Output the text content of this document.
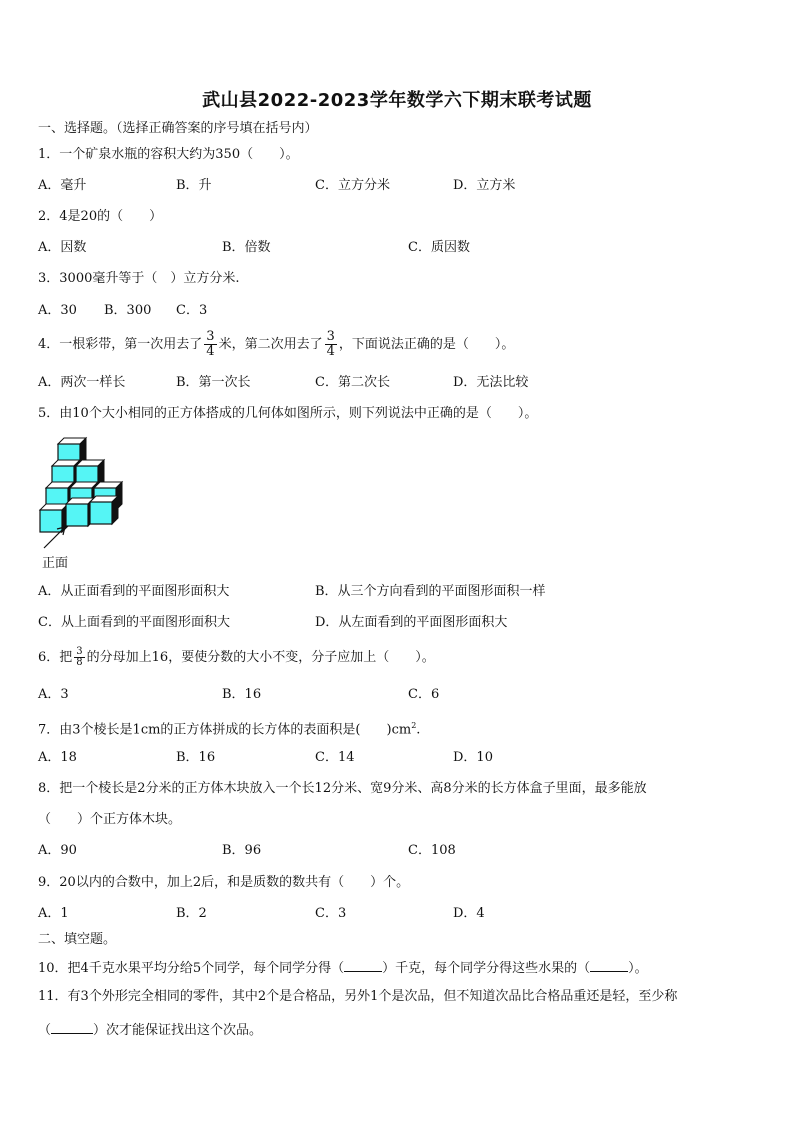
武山县2022-2023学年数学六下期末联考试题
一、选择题。（选择正确答案的序号填在括号内）
1．一个矿泉水瓶的容积大约为350（ ）。
A．毫升	B．升	C．立方分米	D．立方米
2．4是20的（　　）
A．因数	B．倍数	C．质因数
3．3000毫升等于（　）立方分米.
A．30 B．300 C．3
4．一根彩带，第一次用去了 $\frac{3}{4}$ 米，第二次用去了 $\frac{3}{4}$ ，下面说法正确的是（　　）。
A．两次一样长	B．第一次长	C．第二次长	D．无法比较
5．由10个大小相同的正方体搭成的几何体如图所示，则下列说法中正确的是（　　）。
正面
A．从正面看到的平面图形面积大	B．从三个方向看到的平面图形面积一样
C．从上面看到的平面图形面积大	D．从左面看到的平面图形面积大
6．把 $\frac{3}{8}$ 的分母加上16，要使分数的大小不变，分子应加上（　　）。
A．3	B．16	C．6
7．由3个棱长是1cm的正方体拼成的长方体的表面积是(　　)$cm^2$.
A．18	B．16	C．14	D．10
8．把一个棱长是2分米的正方体木块放入一个长12分米、宽9分米、高8分米的长方体盒子里面，最多能放
（　　）个正方体木块。
A．90	B．96	C．108
9．20以内的合数中，加上2后，和是质数的数共有（　　）个。
A．1	B．2	C．3	D．4
二、填空题。
10．把4千克水果平均分给5个同学，每个同学分得（	）千克，每个同学分得这些水果的（	）。
11．有3个外形完全相同的零件，其中2个是合格品，另外1个是次品，但不知道次品比合格品重还是轻，至少称
（	）次才能保证找出这个次品。
